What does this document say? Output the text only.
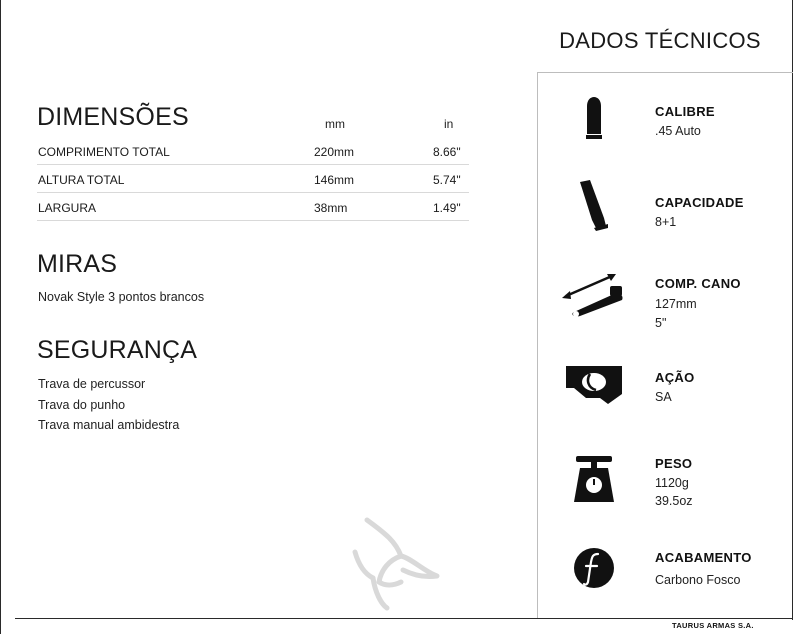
DADOS TÉCNICOS
DIMENSÕES	mm	in
COMPRIMENTO TOTAL	220mm	8.66"
ALTURA TOTAL	146mm	5.74"
LARGURA	38mm	1.49"
MIRAS
Novak Style 3 pontos brancos
SEGURANÇA
Trava de percussor
Trava do punho
Trava manual ambidestra
CALIBRE
.45 Auto
CAPACIDADE
8+1
COMP. CANO
127mm
5"
AÇÃO
SA
PESO
1120g
39.5oz
ACABAMENTO
Carbono Fosco
TAURUS ARMAS S.A.
